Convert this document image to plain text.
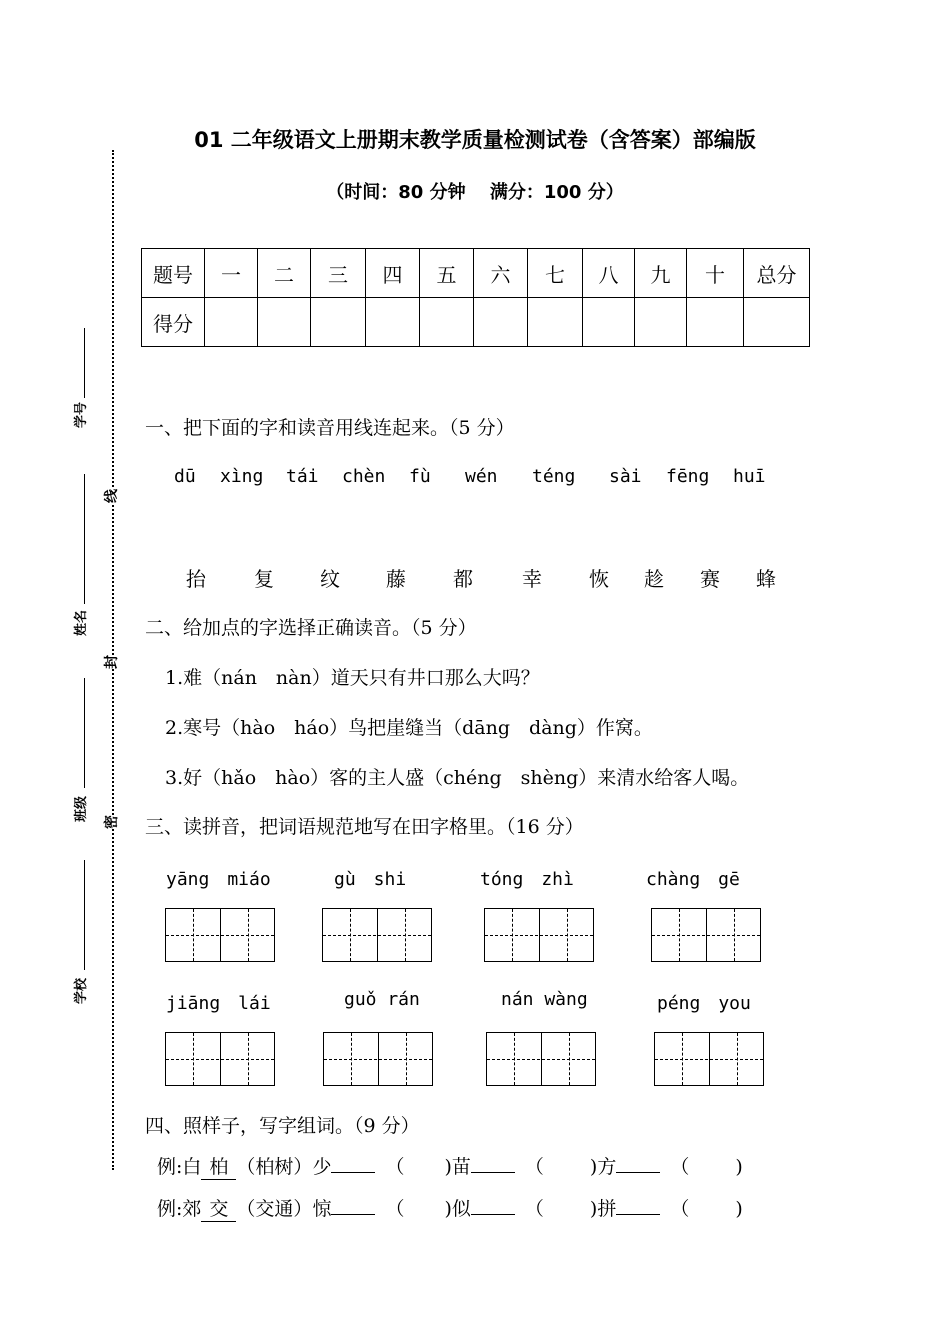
线
封
密
学号
姓名
班级
学校
01 二年级语文上册期末教学质量检测试卷（含答案）部编版
（时间：80 分钟　 满分：100 分）
题号	一	二	三	四	五	六	七	八	九	十	总分
得分											
一、把下面的字和读音用线连起来。（5 分）
dū xìng tái chèn fù wén téng sài fēng huī
抬 复 纹 藤 都 幸 恢 趁 赛 蜂
二、给加点的字选择正确读音。（5 分）
1.难（nán　nàn）道天只有井口那么大吗？
2.寒号（hào　háo）鸟把崖缝当（dāng　dàng）作窝。
3.好（hǎo　hào）客的主人盛（chéng　shèng）来清水给客人喝。
三、读拼音，把词语规范地写在田字格里。（16 分）
yāng　miáo	gù　shi	tóng　zhì	chàng　gē
jiāng　lái	guǒ rán	nán wàng	péng　you
四、照样子，写字组词。（9 分）
例:白 柏 （柏树）少	（ )苗	（ )方	（ )
例:郊 交 （交通）惊	（ )似	（ )拼	（ )
